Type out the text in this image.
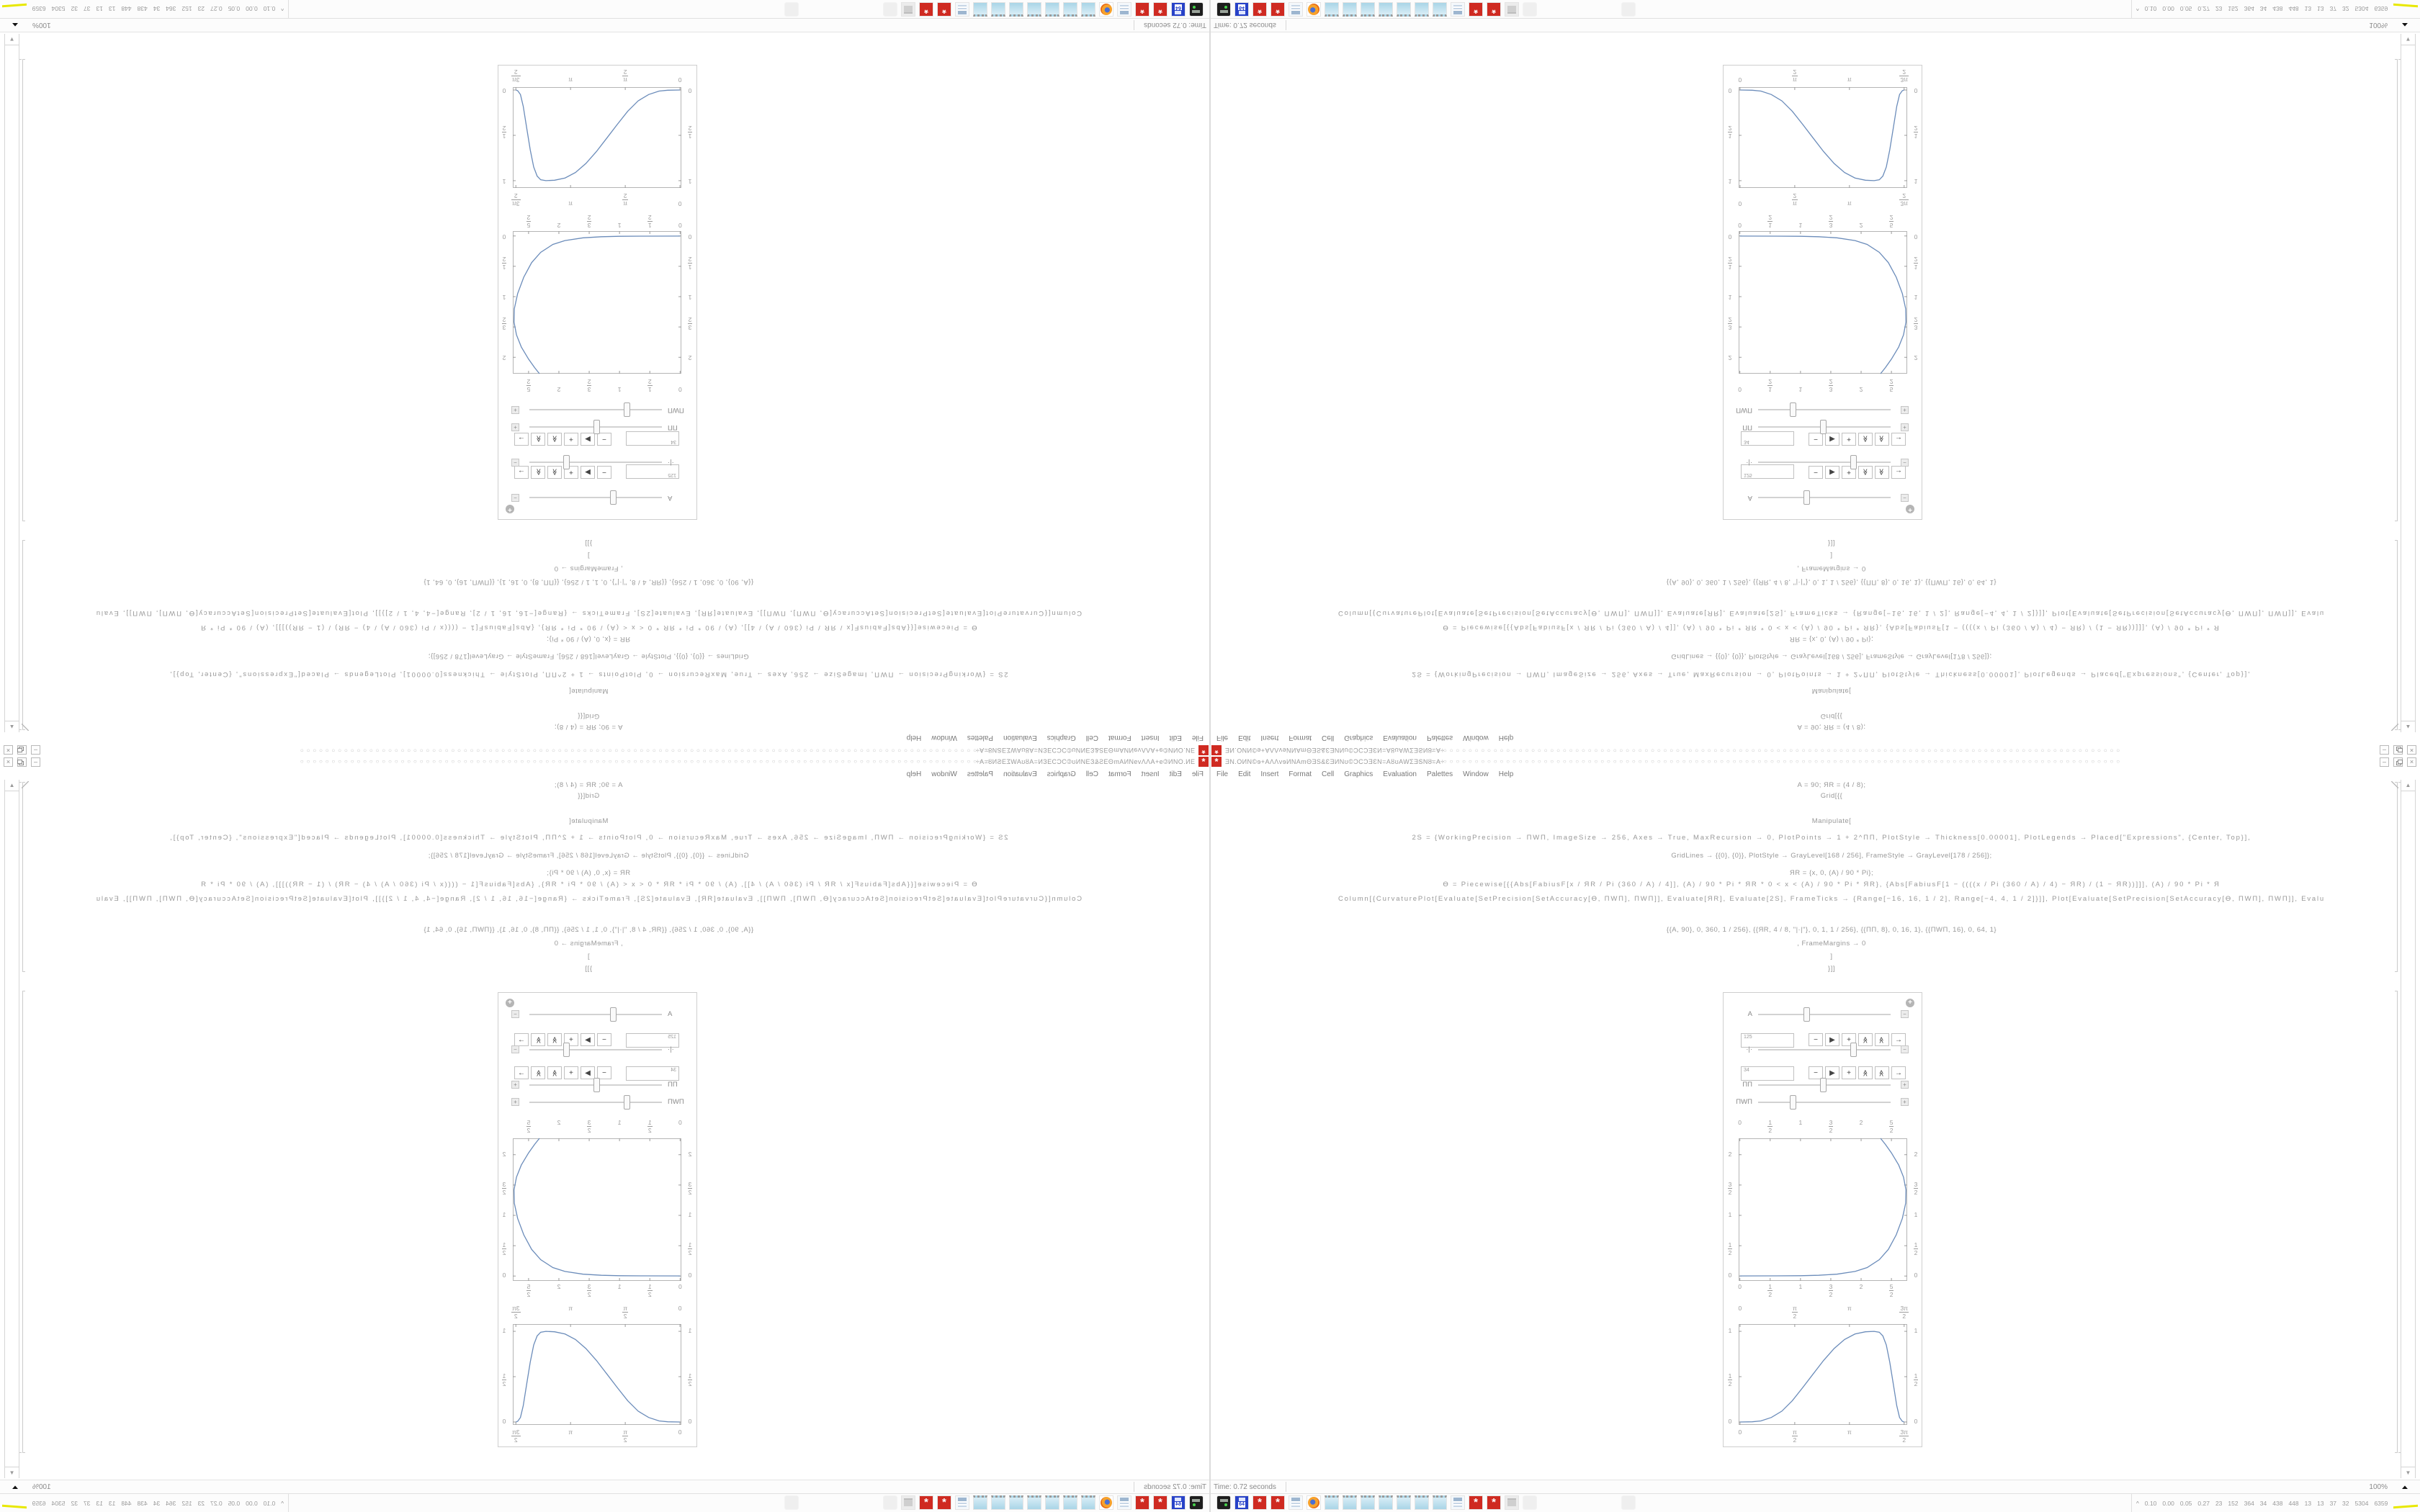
*	ƎN.OИN©ɘ+AΛΛvɘИNAmΘƎS&ƐƎИNʊ©ƆCƆƎƐN=AȣʊAWΣƎSNȣ=A÷
○○○○○○○○○○○○○○○○○○○○○○○○○○○○○○○○○○○○○○○○○○○○○○○○○○○○○○○○○○○○○○○○○○○○○○○○○○○○○○○○○○○○○○○○○○○○○○○○○○○○○○○○○○○○○○○○	–	×
File Edit Insert Format Cell Graphics Evaluation Palettes Window Help
A = 90; ЯR = (4 / 8);
Grid[{{
Manipulate[
2S = {WorkingPrecision → ΠWΠ, ImageSize → 256, Axes → True, MaxRecursion → 0, PlotPoints → 1 + 2^ΠΠ, PlotStyle → Thickness[0.00001], PlotLegends → Placed["Expressions", {Center, Top}],
GridLines → {{0}, {0}}, PlotStyle → GrayLevel[168 / 256], FrameStyle → GrayLevel[178 / 256]};
ЯR = {x, 0, (A) / 90 * Pi};
Ѳ = Piecewise[{{Abs[FabiusF[x / ЯR / Pi (360 / A) / 4]], (A) / 90 * Pi * ЯR * 0 < x < (A) / 90 * Pi * ЯR}, {Abs[FabiusF[1 − ((((x / Pi (360 / A) / 4) − ЯR) / (1 − ЯR))]]], (A) / 90 * Pi * Я
Column[{CurvaturePlot[Evaluate[SetPrecision[SetAccuracy[Ѳ, ΠWΠ], ΠWΠ]], Evaluate[ЯR], Evaluate[2S], FrameTicks → {Range[−16, 16, 1 / 2], Range[−4, 4, 1 / 2]}]], Plot[Evaluate[SetPrecision[SetAccuracy[Ѳ, ΠWΠ], ΠWΠ]], Evalu
{{A, 90}, 0, 360, 1 / 256}, {{ЯR, 4 / 8, "|·|"}, 0, 1, 1 / 256}, {{ΠΠ, 8}, 0, 16, 1}, {{ΠWΠ, 16}, 0, 64, 1}
, FrameMargins → 0
]
}]]
▲
▼
+
A	−
125	−	▶	+	≪ ≫	→
·|·	−
34	−	▶	+	≪ ≫	→
ΠΠ	+
ΠWΠ	+
0
0
$\frac{1}{2}$
$\frac{1}{2}$
1
1
$\frac{3}{2}$
$\frac{3}{2}$
2
2
$\frac{5}{2}$
$\frac{5}{2}$
0	0
$\frac{1}{2}$	$\frac{1}{2}$
1	1
$\frac{3}{2}$	$\frac{3}{2}$
2	2
0
0
$\frac{\pi}{2}$
$\frac{\pi}{2}$
π
π
$\frac{3\pi}{2}$
$\frac{3\pi}{2}$
0	0
$\frac{1}{2}$	$\frac{1}{2}$
1	1
Time: 0.72 seconds	100% ▲
64	*	*	*	*	^ 0.10 0.00 0.05 0.27 23 152 364 34 438 448 13 13 37 32 5304 6359
*
ƎN.OИN©ɘ+AΛΛvɘИNAmΘƎS&ƐƎИNʊ©ƆCƆƎƐN=AȣʊAWΣƎSNȣ=A÷
○○○○○○○○○○○○○○○○○○○○○○○○○○○○○○○○○○○○○○○○○○○○○○○○○○○○○○○○○○○○○○○○○○○○○○○○○○○○○○○○○○○○○○○○○○○○○○○○○○○○○○○○○○○○○○○○
–
×
File
Edit
Insert
Format
Cell
Graphics
Evaluation
Palettes
Window
Help
A = 90; ЯR = (4 / 8);
Grid[{{
Manipulate[
2S = {WorkingPrecision → ΠWΠ, ImageSize → 256, Axes → True, MaxRecursion → 0, PlotPoints → 1 + 2^ΠΠ, PlotStyle → Thickness[0.00001], PlotLegends → Placed["Expressions", {Center, Top}],
GridLines → {{0}, {0}}, PlotStyle → GrayLevel[168 / 256], FrameStyle → GrayLevel[178 / 256]};
ЯR = {x, 0, (A) / 90 * Pi};
Ѳ = Piecewise[{{Abs[FabiusF[x / ЯR / Pi (360 / A) / 4]], (A) / 90 * Pi * ЯR * 0 < x < (A) / 90 * Pi * ЯR}, {Abs[FabiusF[1 − ((((x / Pi (360 / A) / 4) − ЯR) / (1 − ЯR))]]], (A) / 90 * Pi * Я
Column[{CurvaturePlot[Evaluate[SetPrecision[SetAccuracy[Ѳ, ΠWΠ], ΠWΠ]], Evaluate[ЯR], Evaluate[2S], FrameTicks → {Range[−16, 16, 1 / 2], Range[−4, 4, 1 / 2]}]], Plot[Evaluate[SetPrecision[SetAccuracy[Ѳ, ΠWΠ], ΠWΠ]], Evalu
{{A, 90}, 0, 360, 1 / 256}, {{ЯR, 4 / 8, "|·|"}, 0, 1, 1 / 256}, {{ΠΠ, 8}, 0, 16, 1}, {{ΠWΠ, 16}, 0, 64, 1}
, FrameMargins → 0
]
}]]
▲
▼
+
A
−
125
−
▶
+
≪
≫
→
·|·
−
34
−
▶
+
≪
≫
→
ΠΠ
+
ΠWΠ
+
0
0
$\frac{1}{2}$
$\frac{1}{2}$
1
1
$\frac{3}{2}$
$\frac{3}{2}$
2
2
$\frac{5}{2}$
$\frac{5}{2}$
0
0
$\frac{1}{2}$
$\frac{1}{2}$
1
1
$\frac{3}{2}$
$\frac{3}{2}$
2
2
0
0
$\frac{\pi}{2}$
$\frac{\pi}{2}$
π
π
$\frac{3\pi}{2}$
$\frac{3\pi}{2}$
0
0
$\frac{1}{2}$
$\frac{1}{2}$
1
1
Time: 0.72 seconds
100%
▲
64
*
*
*
*
^
0.10
0.00
0.05
0.27
23
152
364
34
438
448
13
13
37
32
5304
6359
*	ƎN.OИN©ɘ+AΛΛvɘИNAmΘƎS&ƐƎИNʊ©ƆCƆƎƐN=AȣʊAWΣƎSNȣ=A÷
○○○○○○○○○○○○○○○○○○○○○○○○○○○○○○○○○○○○○○○○○○○○○○○○○○○○○○○○○○○○○○○○○○○○○○○○○○○○○○○○○○○○○○○○○○○○○○○○○○○○○○○○○○○○○○○○	–	×
File Edit Insert Format Cell Graphics Evaluation Palettes Window Help
A = 90; ЯR = (4 / 8);
Grid[{{
Manipulate[
2S = {WorkingPrecision → ΠWΠ, ImageSize → 256, Axes → True, MaxRecursion → 0, PlotPoints → 1 + 2^ΠΠ, PlotStyle → Thickness[0.00001], PlotLegends → Placed["Expressions", {Center, Top}],
GridLines → {{0}, {0}}, PlotStyle → GrayLevel[168 / 256], FrameStyle → GrayLevel[178 / 256]};
ЯR = {x, 0, (A) / 90 * Pi};
Ѳ = Piecewise[{{Abs[FabiusF[x / ЯR / Pi (360 / A) / 4]], (A) / 90 * Pi * ЯR * 0 < x < (A) / 90 * Pi * ЯR}, {Abs[FabiusF[1 − ((((x / Pi (360 / A) / 4) − ЯR) / (1 − ЯR))]]], (A) / 90 * Pi * Я
Column[{CurvaturePlot[Evaluate[SetPrecision[SetAccuracy[Ѳ, ΠWΠ], ΠWΠ]], Evaluate[ЯR], Evaluate[2S], FrameTicks → {Range[−16, 16, 1 / 2], Range[−4, 4, 1 / 2]}]], Plot[Evaluate[SetPrecision[SetAccuracy[Ѳ, ΠWΠ], ΠWΠ]], Evalu
{{A, 90}, 0, 360, 1 / 256}, {{ЯR, 4 / 8, "|·|"}, 0, 1, 1 / 256}, {{ΠΠ, 8}, 0, 16, 1}, {{ΠWΠ, 16}, 0, 64, 1}
, FrameMargins → 0
]
}]]
▲
▼
+
A	−
125	−	▶	+	≪ ≫	→
·|·	−
34	−	▶	+	≪ ≫	→
ΠΠ	+
ΠWΠ	+
0
0
1
2
1
2
1
1
3
2
3
2
2
2
5
2
5
2
0	0
1
2
1
2
1	1
3
2
3
2
2	2
0
0
π
2
π
2
π
π
3π
2
3π
2
0	0
1
2
1
2
1	1
Time: 0.72 seconds	100% ▲
64	*	*	*	*	^ 0.10 0.00 0.05 0.27 23 152 364 34 438 448 13 13 37 32 5304 6359
*
ƎN.OИN©ɘ+AΛΛvɘИNAmΘƎS&ƐƎИNʊ©ƆCƆƎƐN=AȣʊAWΣƎSNȣ=A÷
○○○○○○○○○○○○○○○○○○○○○○○○○○○○○○○○○○○○○○○○○○○○○○○○○○○○○○○○○○○○○○○○○○○○○○○○○○○○○○○○○○○○○○○○○○○○○○○○○○○○○○○○○○○○○○○○
–
×
File
Edit
Insert
Format
Cell
Graphics
Evaluation
Palettes
Window
Help
A = 90; ЯR = (4 / 8);
Grid[{{
Manipulate[
2S = {WorkingPrecision → ΠWΠ, ImageSize → 256, Axes → True, MaxRecursion → 0, PlotPoints → 1 + 2^ΠΠ, PlotStyle → Thickness[0.00001], PlotLegends → Placed["Expressions", {Center, Top}],
GridLines → {{0}, {0}}, PlotStyle → GrayLevel[168 / 256], FrameStyle → GrayLevel[178 / 256]};
ЯR = {x, 0, (A) / 90 * Pi};
Ѳ = Piecewise[{{Abs[FabiusF[x / ЯR / Pi (360 / A) / 4]], (A) / 90 * Pi * ЯR * 0 < x < (A) / 90 * Pi * ЯR}, {Abs[FabiusF[1 − ((((x / Pi (360 / A) / 4) − ЯR) / (1 − ЯR))]]], (A) / 90 * Pi * Я
Column[{CurvaturePlot[Evaluate[SetPrecision[SetAccuracy[Ѳ, ΠWΠ], ΠWΠ]], Evaluate[ЯR], Evaluate[2S], FrameTicks → {Range[−16, 16, 1 / 2], Range[−4, 4, 1 / 2]}]], Plot[Evaluate[SetPrecision[SetAccuracy[Ѳ, ΠWΠ], ΠWΠ]], Evalu
{{A, 90}, 0, 360, 1 / 256}, {{ЯR, 4 / 8, "|·|"}, 0, 1, 1 / 256}, {{ΠΠ, 8}, 0, 16, 1}, {{ΠWΠ, 16}, 0, 64, 1}
, FrameMargins → 0
]
}]]
▲
▼
+
A
−
125
−
▶
+
≪
≫
→
·|·
−
34
−
▶
+
≪
≫
→
ΠΠ
+
ΠWΠ
+
0
0
1
2
1
2
1
1
3
2
3
2
2
2
5
2
5
2
0
0
1
2
1
2
1
1
3
2
3
2
2
2
0
0
π
2
π
2
π
π
3π
2
3π
2
0
0
1
2
1
2
1
1
Time: 0.72 seconds
100%
▲
64
*
*
*
*
^
0.10
0.00
0.05
0.27
23
152
364
34
438
448
13
13
37
32
5304
6359
